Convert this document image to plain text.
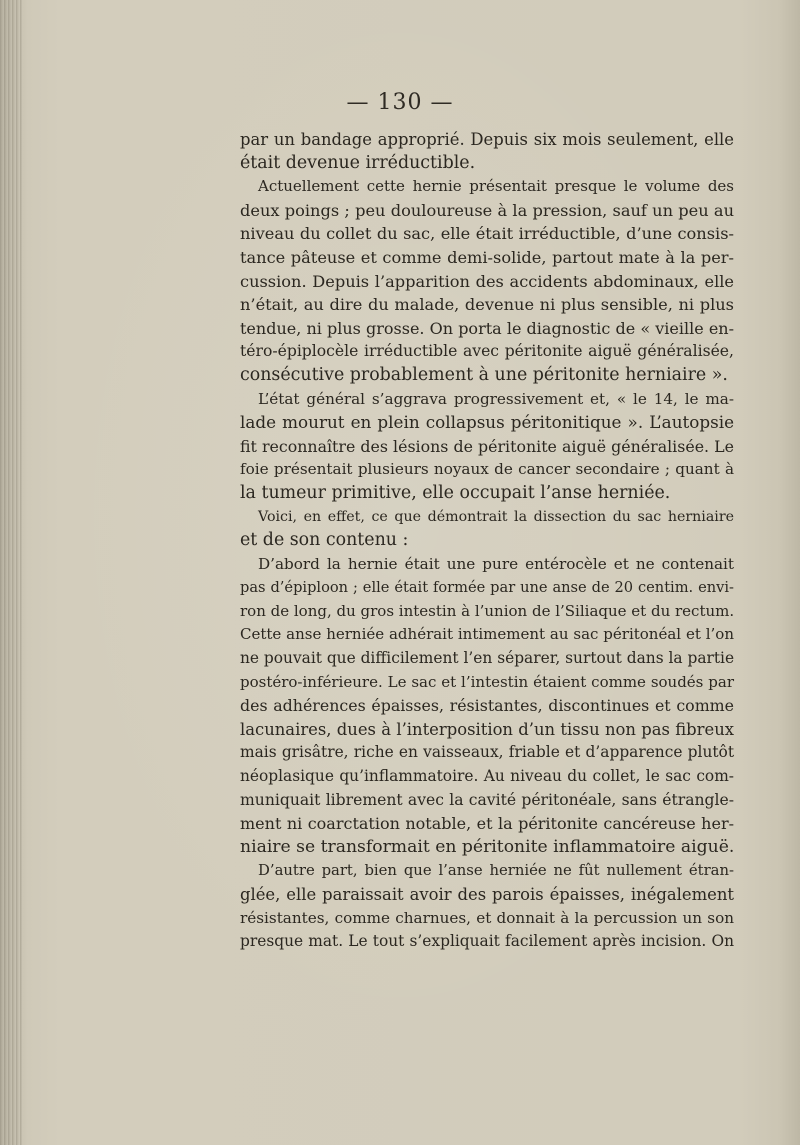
— 130 —
par un bandage approprié. Depuis six mois seulement, elle
était devenue irréductible.
Actuellement cette hernie présentait presque le volume des
deux poings ; peu douloureuse à la pression, sauf un peu au
niveau du collet du sac, elle était irréductible, d’une consis-
tance pâteuse et comme demi-solide, partout mate à la per-
cussion. Depuis l’apparition des accidents abdominaux, elle
n’était, au dire du malade, devenue ni plus sensible, ni plus
tendue, ni plus grosse. On porta le diagnostic de « vieille en-
téro-épiplocèle irréductible avec péritonite aiguë généralisée,
consécutive probablement à une péritonite herniaire ».
L’état général s’aggrava progressivement et, « le 14, le ma-
lade mourut en plein collapsus péritonitique ». L’autopsie
fit reconnaître des lésions de péritonite aiguë généralisée. Le
foie présentait plusieurs noyaux de cancer secondaire ; quant à
la tumeur primitive, elle occupait l’anse herniée.
Voici, en effet, ce que démontrait la dissection du sac herniaire
et de son contenu :
D’abord la hernie était une pure entérocèle et ne contenait
pas d’épiploon ; elle était formée par une anse de 20 centim. envi-
ron de long, du gros intestin à l’union de l’Siliaque et du rectum.
Cette anse herniée adhérait intimement au sac péritonéal et l’on
ne pouvait que difficilement l’en séparer, surtout dans la partie
postéro-inférieure. Le sac et l’intestin étaient comme soudés par
des adhérences épaisses, résistantes, discontinues et comme
lacunaires, dues à l’interposition d’un tissu non pas fibreux
mais grisâtre, riche en vaisseaux, friable et d’apparence plutôt
néoplasique qu’inflammatoire. Au niveau du collet, le sac com-
muniquait librement avec la cavité péritonéale, sans étrangle-
ment ni coarctation notable, et la péritonite cancéreuse her-
niaire se transformait en péritonite inflammatoire aiguë.
D’autre part, bien que l’anse herniée ne fût nullement étran-
glée, elle paraissait avoir des parois épaisses, inégalement
résistantes, comme charnues, et donnait à la percussion un son
presque mat. Le tout s’expliquait facilement après incision. On
